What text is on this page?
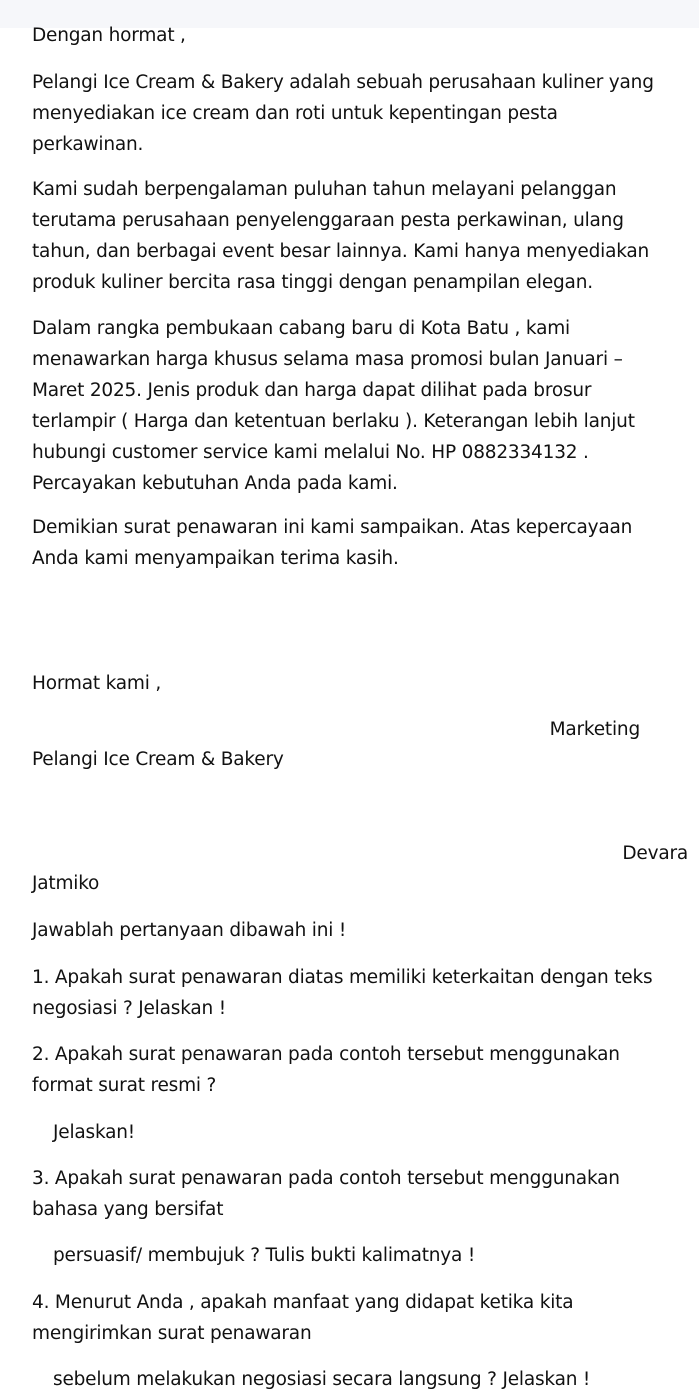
Dengan hormat ,

Pelangi Ice Cream & Bakery adalah sebuah perusahaan kuliner yang
menyediakan ice cream dan roti untuk kepentingan pesta
perkawinan.
Kami sudah berpengalaman puluhan tahun melayani pelanggan
terutama perusahaan penyelenggaraan pesta perkawinan, ulang
tahun, dan berbagai event besar lainnya. Kami hanya menyediakan
produk kuliner bercita rasa tinggi dengan penampilan elegan.
Dalam rangka pembukaan cabang baru di Kota Batu , kami
menawarkan harga khusus selama masa promosi bulan Januari –
Maret 2025. Jenis produk dan harga dapat dilihat pada brosur
terlampir ( Harga dan ketentuan berlaku ). Keterangan lebih lanjut
hubungi customer service kami melalui No. HP 0882334132 .
Percayakan kebutuhan Anda pada kami.
Demikian surat penawaran ini kami sampaikan. Atas kepercayaan
Anda kami menyampaikan terima kasih.

Hormat kami ,

Marketing

Pelangi Ice Cream & Bakery

Devara

Jatmiko

Jawablah pertanyaan dibawah ini !

1. Apakah surat penawaran diatas memiliki keterkaitan dengan teks
negosiasi ? Jelaskan !
2. Apakah surat penawaran pada contoh tersebut menggunakan
format surat resmi ?

Jelaskan!

3. Apakah surat penawaran pada contoh tersebut menggunakan
bahasa yang bersifat

persuasif/ membujuk ? Tulis bukti kalimatnya !

4. Menurut Anda , apakah manfaat yang didapat ketika kita
mengirimkan surat penawaran

sebelum melakukan negosiasi secara langsung ? Jelaskan !
